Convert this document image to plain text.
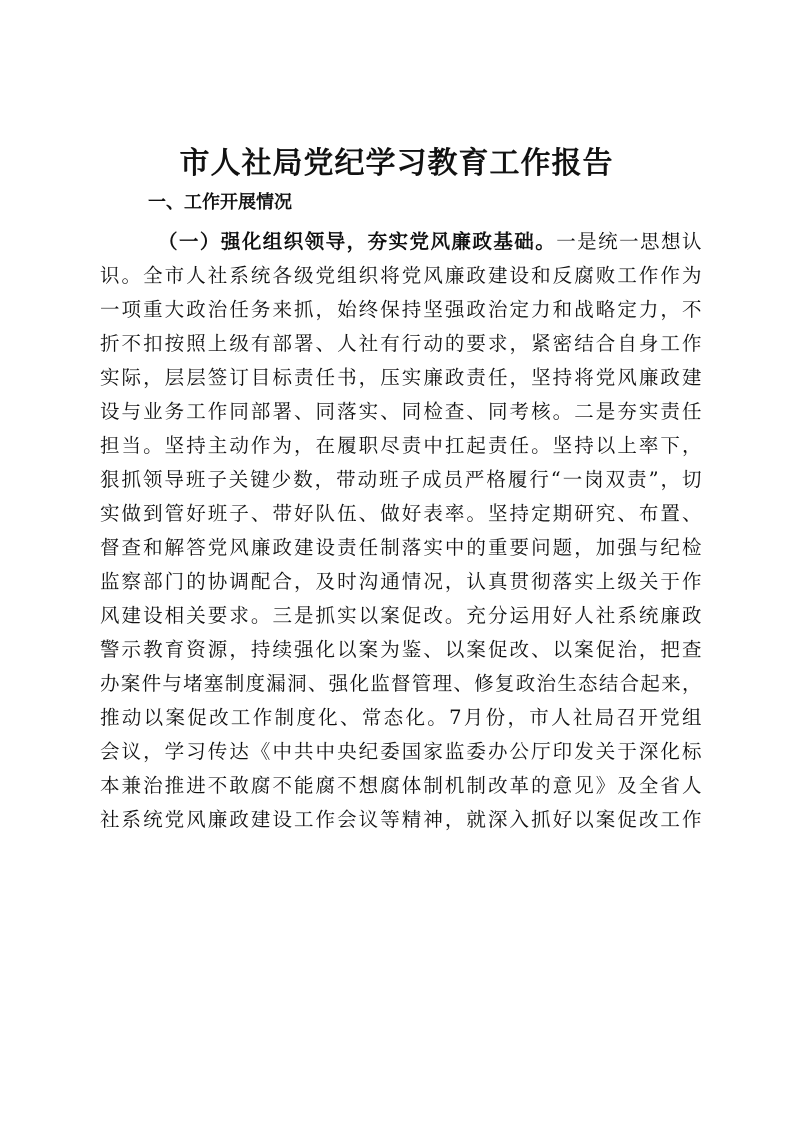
市人社局党纪学习教育工作报告
一、工作开展情况
（一）强化组织领导，夯实党风廉政基础。一是统一思想认
识。全市人社系统各级党组织将党风廉政建设和反腐败工作作为
一项重大政治任务来抓，始终保持坚强政治定力和战略定力，不
折不扣按照上级有部署、人社有行动的要求，紧密结合自身工作
实际，层层签订目标责任书，压实廉政责任，坚持将党风廉政建
设与业务工作同部署、同落实、同检查、同考核。二是夯实责任
担当。坚持主动作为，在履职尽责中扛起责任。坚持以上率下，
狠抓领导班子关键少数，带动班子成员严格履行“一岗双责”，切
实做到管好班子、带好队伍、做好表率。坚持定期研究、布置、
督查和解答党风廉政建设责任制落实中的重要问题，加强与纪检
监察部门的协调配合，及时沟通情况，认真贯彻落实上级关于作
风建设相关要求。三是抓实以案促改。充分运用好人社系统廉政
警示教育资源，持续强化以案为鉴、以案促改、以案促治，把查
办案件与堵塞制度漏洞、强化监督管理、修复政治生态结合起来，
推动以案促改工作制度化、常态化。7月份，市人社局召开党组
会议，学习传达《中共中央纪委国家监委办公厅印发关于深化标
本兼治推进不敢腐不能腐不想腐体制机制改革的意见》及全省人
社系统党风廉政建设工作会议等精神，就深入抓好以案促改工作
